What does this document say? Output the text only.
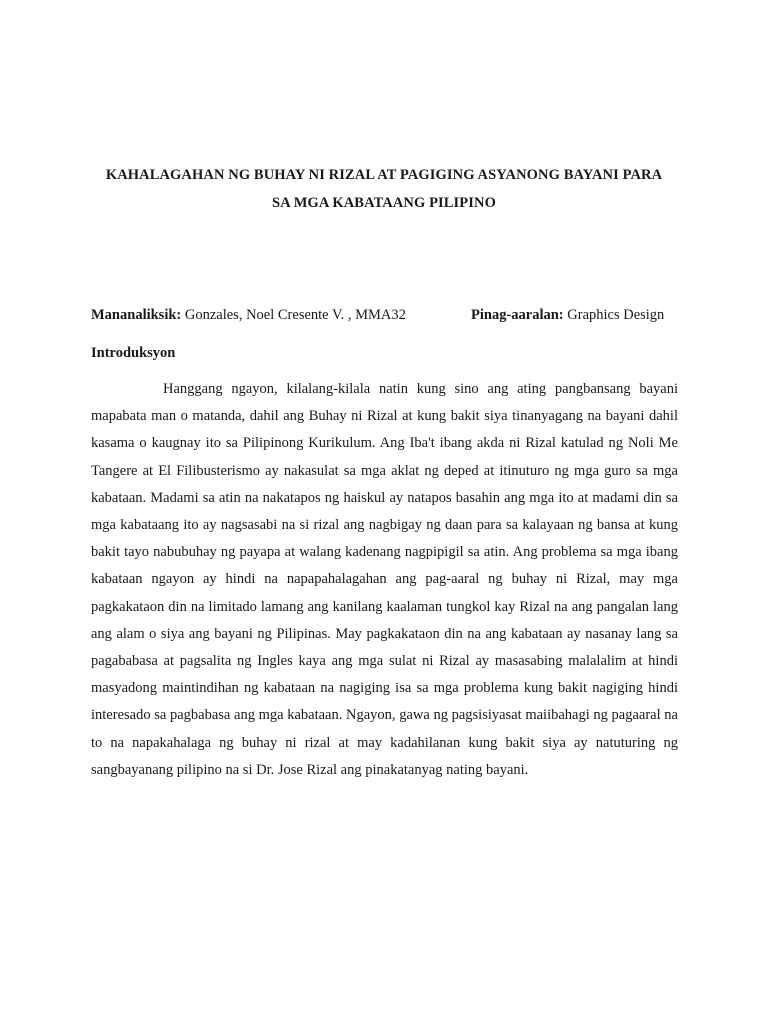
KAHALAGAHAN NG BUHAY NI RIZAL AT PAGIGING ASYANONG BAYANI PARA
SA MGA KABATAANG PILIPINO
Mananaliksik: Gonzales, Noel Cresente V. , MMA32	Pinag-aaralan: Graphics Design
Introduksyon

Hanggang ngayon, kilalang-kilala natin kung sino ang ating pangbansang bayani mapabata man o matanda, dahil ang Buhay ni Rizal at kung bakit siya tinanyagang na bayani dahil kasama o kaugnay ito sa Pilipinong Kurikulum. Ang Iba't ibang akda ni Rizal katulad ng Noli Me Tangere at El Filibusterismo ay nakasulat sa mga aklat ng deped at itinuturo ng mga guro sa mga kabataan. Madami sa atin na nakatapos ng haiskul ay natapos basahin ang mga ito at madami din sa mga kabataang ito ay nagsasabi na si rizal ang nagbigay ng daan para sa kalayaan ng bansa at kung bakit tayo nabubuhay ng payapa at walang kadenang nagpipigil sa atin. Ang problema sa mga ibang kabataan ngayon ay hindi na napapahalagahan ang pag-aaral ng buhay ni Rizal, may mga pagkakataon din na limitado lamang ang kanilang kaalaman tungkol kay Rizal na ang pangalan lang ang alam o siya ang bayani ng Pilipinas. May pagkakataon din na ang kabataan ay nasanay lang sa pagababasa at pagsalita ng Ingles kaya ang mga sulat ni Rizal ay masasabing malalalim at hindi masyadong maintindihan ng kabataan na nagiging isa sa mga problema kung bakit nagiging hindi interesado sa pagbabasa ang mga kabataan. Ngayon, gawa ng pagsisiyasat maiibahagi ng pagaaral na to na napakahalaga ng buhay ni rizal at may kadahilanan kung bakit siya ay natuturing ng sangbayanang pilipino na si Dr. Jose Rizal ang pinakatanyag nating bayani.
